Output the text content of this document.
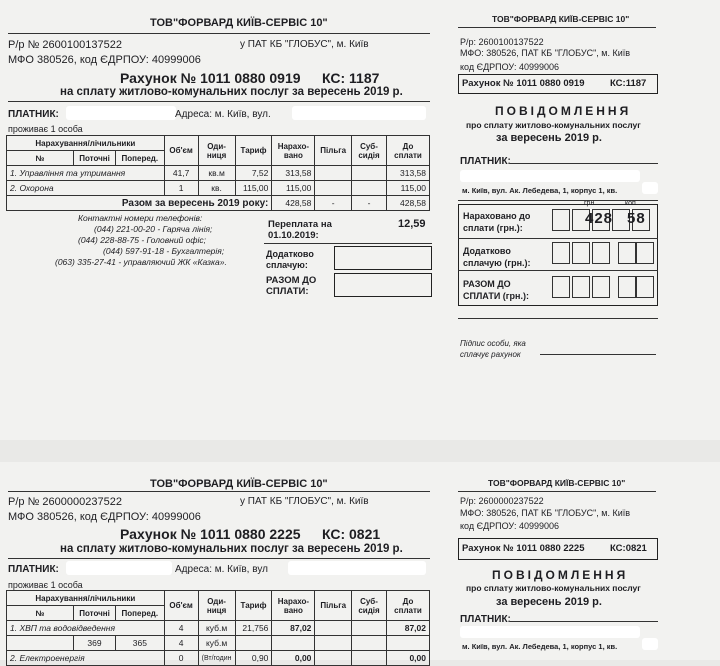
ТОВ"ФОРВАРД КИЇВ-СЕРВІС 10"
Р/р № 2600100137522	у ПАТ КБ "ГЛОБУС", м. Київ
МФО 380526, код ЄДРПОУ: 40999006
Рахунок № 1011 0880 0919 КС: 1187
на сплату житлово-комунальних послуг за вересень 2019 р.
ПЛАТНИК:	Адреса: м. Київ, вул.
проживає 1 особа
Нарахування/лічильники			Об'єм	Оди-ниця	Тариф	Нарахо-вано	Пільга	Суб-сидія	До сплати
№	Поточні	Поперед.							
1. Управління та утримання			41,7	кв.м	7,52	313,58			313,58
2. Охорона			1	кв.	115,00	115,00			115,00
Разом за вересень 2019 року:						428,58	-	-	428,58
Контактні номери телефонів:
(044) 221-00-20 - Гаряча лінія;
(044) 228-88-75 - Головний офіс;
(044) 597-91-18 - Бухгалтерія;
(063) 335-27-41 - управляючий ЖК «Казка».
Переплата на 01.10.2019:
12,59
Додатково сплачую:
РАЗОМ ДО СПЛАТИ:
ТОВ"ФОРВАРД КИЇВ-СЕРВІС 10"
Р/р: 2600100137522
МФО: 380526, ПАТ КБ "ГЛОБУС", м. Київ
код ЄДРПОУ: 40999006
Рахунок № 1011 0880 0919	КС:1187
ПОВІДОМЛЕННЯ
про сплату житлово-комунальних послуг
за вересень 2019 р.
ПЛАТНИК:
м. Київ, вул. Ак. Лебедева, 1, корпус 1, кв.
Нараховано до сплати (грн.):
грн.	коп.
428 58
Додатково сплачую (грн.):
РАЗОМ ДО СПЛАТИ (грн.):
Підпис особи, яка сплачує рахунок
ТОВ"ФОРВАРД КИЇВ-СЕРВІС 10"
Р/р № 2600000237522	у ПАТ КБ "ГЛОБУС", м. Київ
МФО 380526, код ЄДРПОУ: 40999006
Рахунок № 1011 0880 2225 КС: 0821
на сплату житлово-комунальних послуг за вересень 2019 р.
ПЛАТНИК:	Адреса: м. Київ, вул
проживає 1 особа
Нарахування/лічильники			Об'єм	Оди-ниця	Тариф	Нарахо-вано	Пільга	Суб-сидія	До сплати
№	Поточні	Поперед.							
1. ХВП та водовідведення			4	куб.м	21,756	87,02			87,02
	369	365	4	куб.м					
2. Електроенергія			0	(Вт/годин	0,90	0,00			0,00
ТОВ"ФОРВАРД КИЇВ-СЕРВІС 10"
Р/р: 2600000237522
МФО: 380526, ПАТ КБ "ГЛОБУС", м. Київ
код ЄДРПОУ: 40999006
Рахунок № 1011 0880 2225	КС:0821
ПОВІДОМЛЕННЯ
про сплату житлово-комунальних послуг
за вересень 2019 р.
ПЛАТНИК:
м. Київ, вул. Ак. Лебедева, 1, корпус 1, кв.
